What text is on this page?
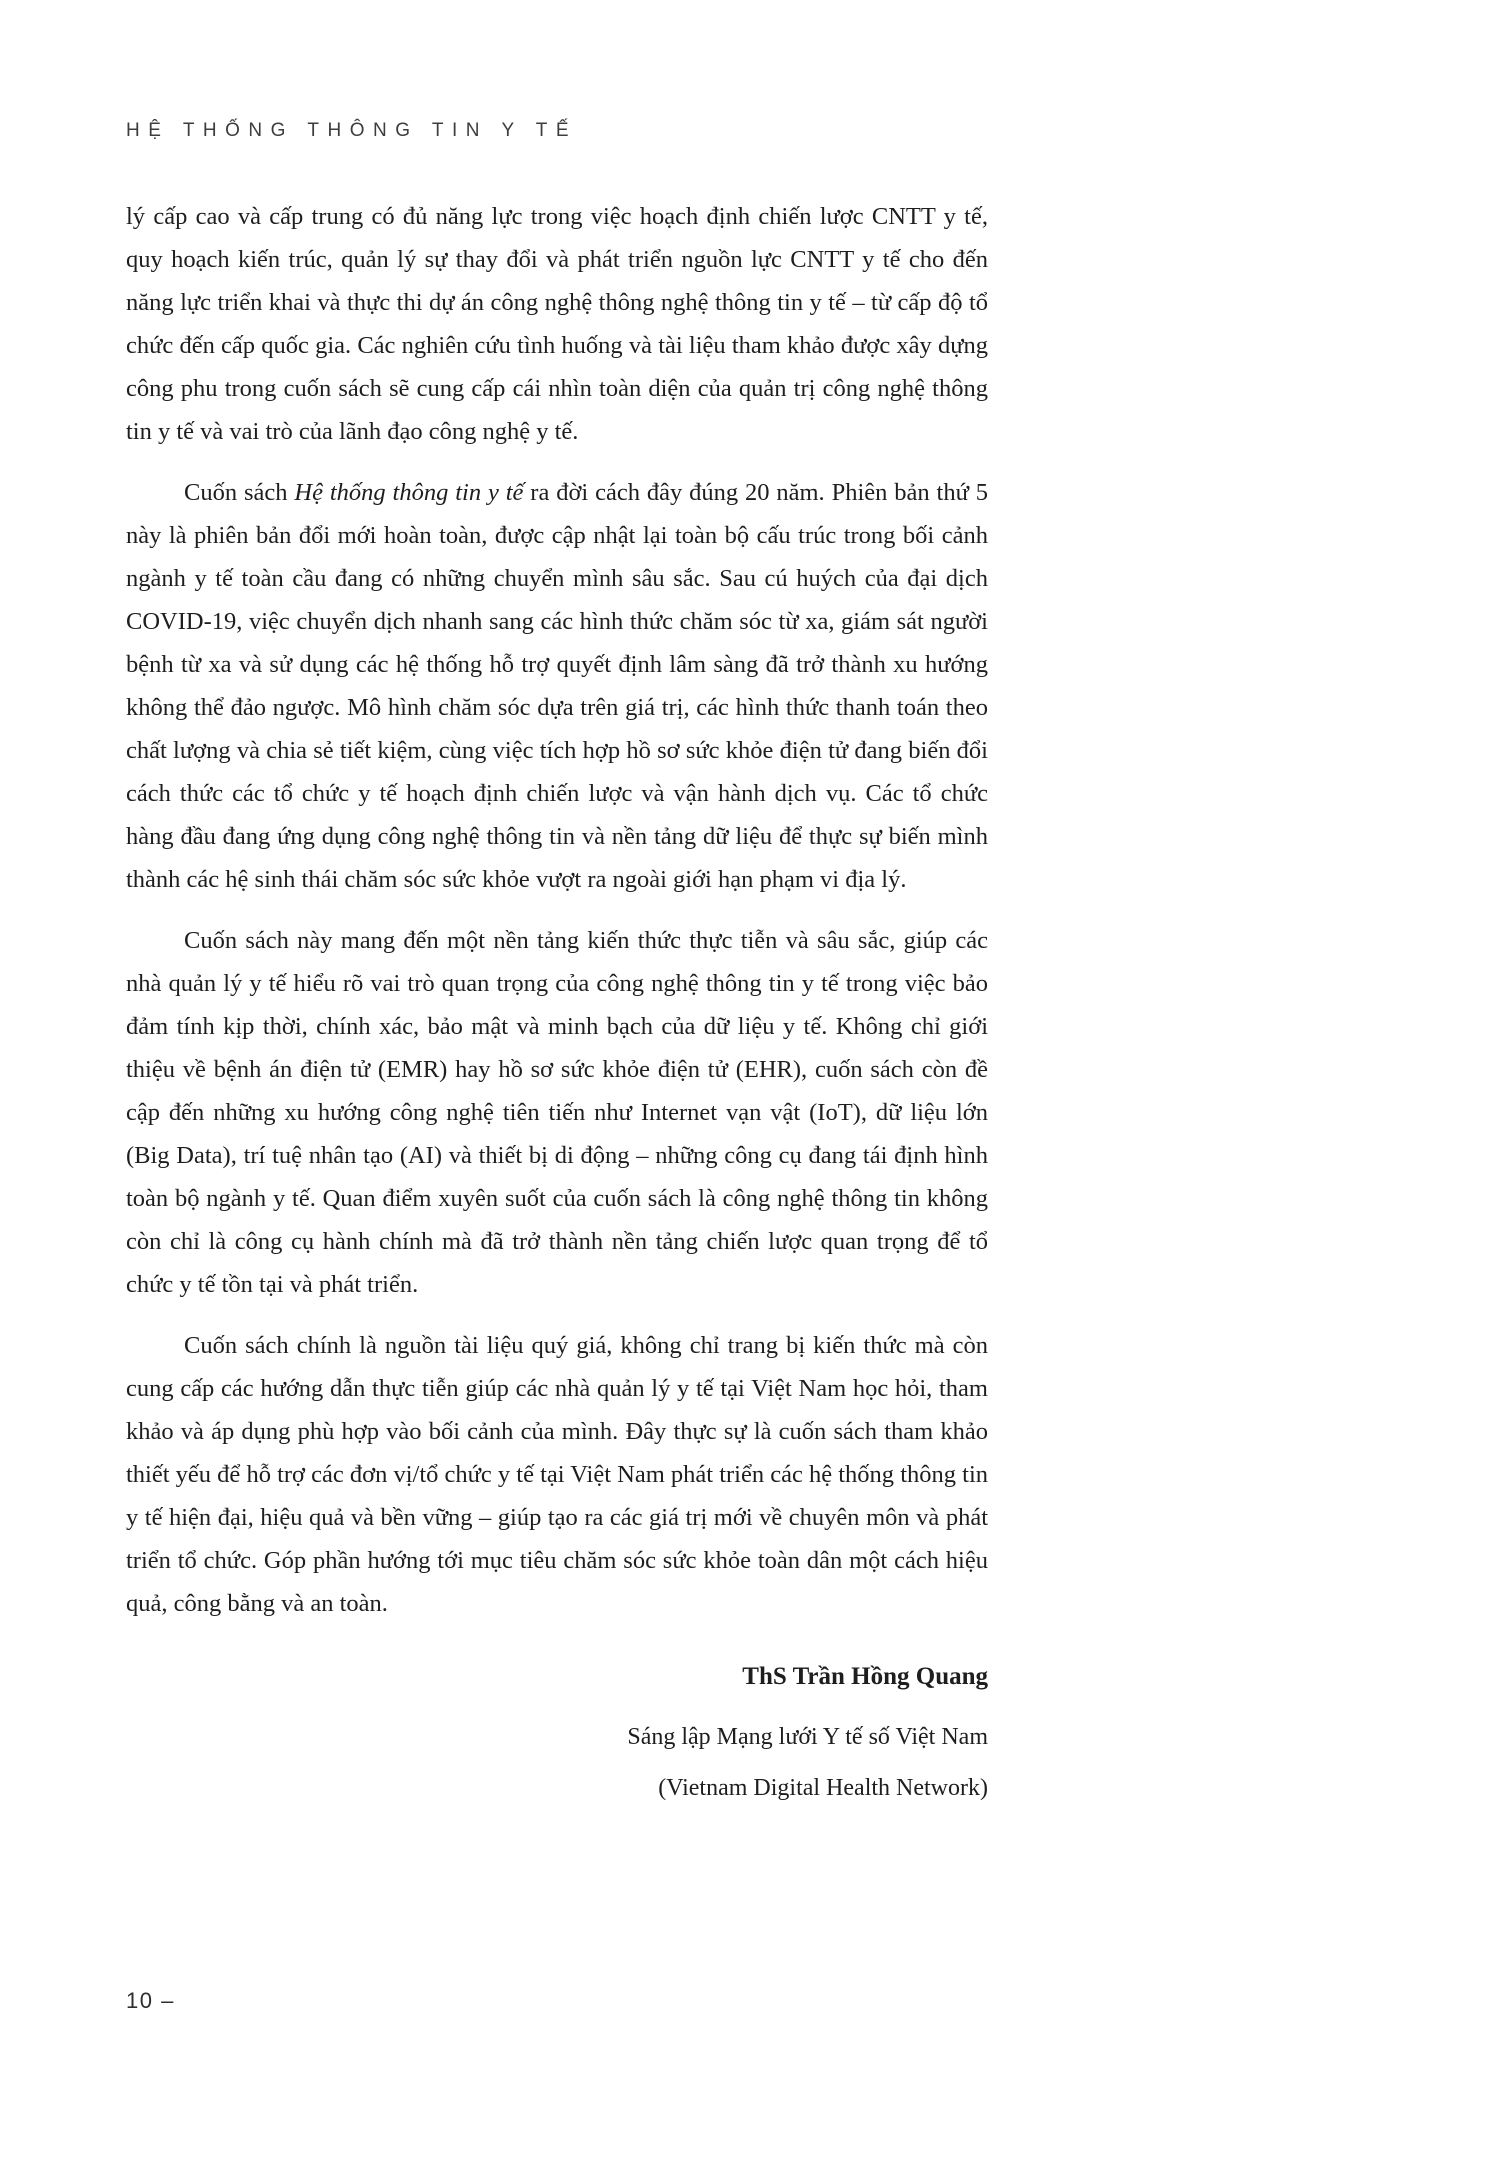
HỆ THỐNG THÔNG TIN Y TẾ

lý cấp cao và cấp trung có đủ năng lực trong việc hoạch định chiến lược CNTT y tế, quy hoạch kiến trúc, quản lý sự thay đổi và phát triển nguồn lực CNTT y tế cho đến năng lực triển khai và thực thi dự án công nghệ thông nghệ thông tin y tế – từ cấp độ tổ chức đến cấp quốc gia. Các nghiên cứu tình huống và tài liệu tham khảo được xây dựng công phu trong cuốn sách sẽ cung cấp cái nhìn toàn diện của quản trị công nghệ thông tin y tế và vai trò của lãnh đạo công nghệ y tế.

Cuốn sách Hệ thống thông tin y tế ra đời cách đây đúng 20 năm. Phiên bản thứ 5 này là phiên bản đổi mới hoàn toàn, được cập nhật lại toàn bộ cấu trúc trong bối cảnh ngành y tế toàn cầu đang có những chuyển mình sâu sắc. Sau cú huých của đại dịch COVID-19, việc chuyển dịch nhanh sang các hình thức chăm sóc từ xa, giám sát người bệnh từ xa và sử dụng các hệ thống hỗ trợ quyết định lâm sàng đã trở thành xu hướng không thể đảo ngược. Mô hình chăm sóc dựa trên giá trị, các hình thức thanh toán theo chất lượng và chia sẻ tiết kiệm, cùng việc tích hợp hồ sơ sức khỏe điện tử đang biến đổi cách thức các tổ chức y tế hoạch định chiến lược và vận hành dịch vụ. Các tổ chức hàng đầu đang ứng dụng công nghệ thông tin và nền tảng dữ liệu để thực sự biến mình thành các hệ sinh thái chăm sóc sức khỏe vượt ra ngoài giới hạn phạm vi địa lý.

Cuốn sách này mang đến một nền tảng kiến thức thực tiễn và sâu sắc, giúp các nhà quản lý y tế hiểu rõ vai trò quan trọng của công nghệ thông tin y tế trong việc bảo đảm tính kịp thời, chính xác, bảo mật và minh bạch của dữ liệu y tế. Không chỉ giới thiệu về bệnh án điện tử (EMR) hay hồ sơ sức khỏe điện tử (EHR), cuốn sách còn đề cập đến những xu hướng công nghệ tiên tiến như Internet vạn vật (IoT), dữ liệu lớn (Big Data), trí tuệ nhân tạo (AI) và thiết bị di động – những công cụ đang tái định hình toàn bộ ngành y tế. Quan điểm xuyên suốt của cuốn sách là công nghệ thông tin không còn chỉ là công cụ hành chính mà đã trở thành nền tảng chiến lược quan trọng để tổ chức y tế tồn tại và phát triển.

Cuốn sách chính là nguồn tài liệu quý giá, không chỉ trang bị kiến thức mà còn cung cấp các hướng dẫn thực tiễn giúp các nhà quản lý y tế tại Việt Nam học hỏi, tham khảo và áp dụng phù hợp vào bối cảnh của mình. Đây thực sự là cuốn sách tham khảo thiết yếu để hỗ trợ các đơn vị/tổ chức y tế tại Việt Nam phát triển các hệ thống thông tin y tế hiện đại, hiệu quả và bền vững – giúp tạo ra các giá trị mới về chuyên môn và phát triển tổ chức. Góp phần hướng tới mục tiêu chăm sóc sức khỏe toàn dân một cách hiệu quả, công bằng và an toàn.

ThS Trần Hồng Quang
Sáng lập Mạng lưới Y tế số Việt Nam
(Vietnam Digital Health Network)
10 –
